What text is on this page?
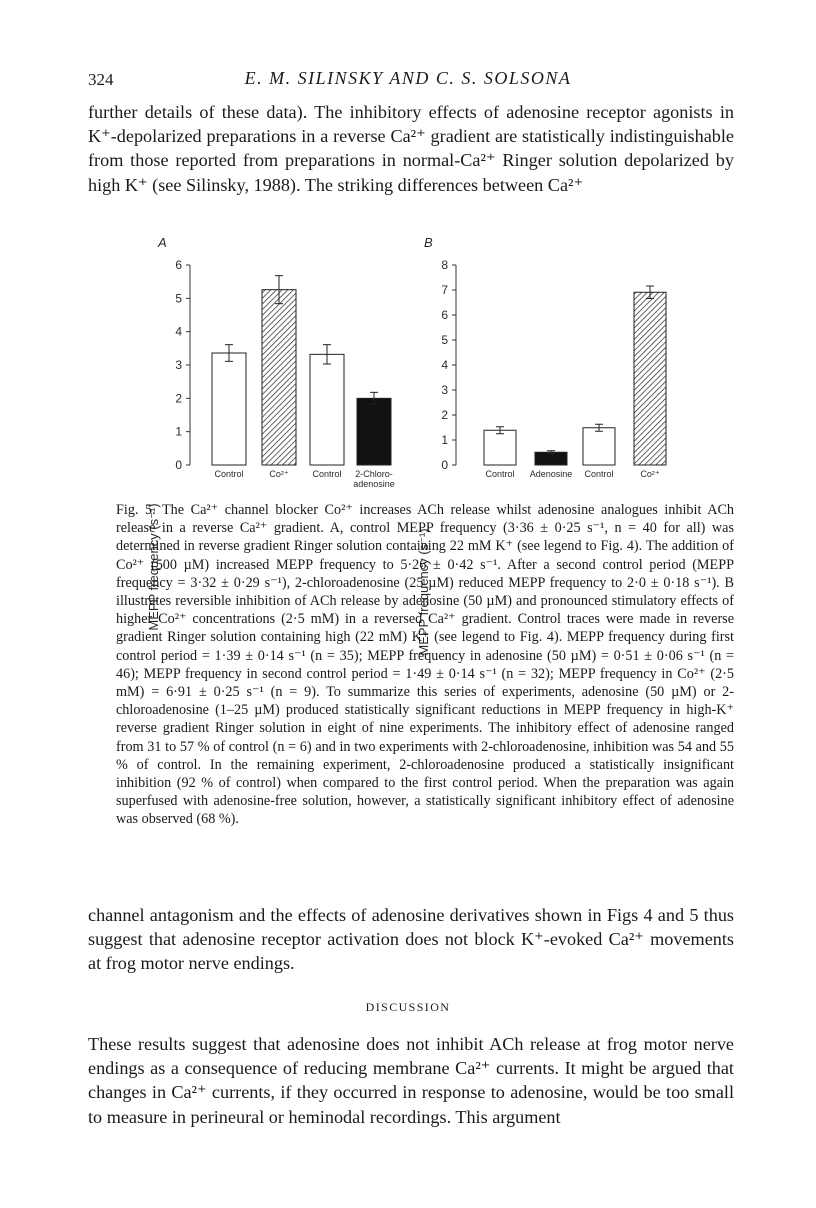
324	E. M. SILINSKY AND C. S. SOLSONA

further details of these data). The inhibitory effects of adenosine receptor agonists in K⁺-depolarized preparations in a reverse Ca²⁺ gradient are statistically indistinguishable from those reported from preparations in normal-Ca²⁺ Ringer solution depolarized by high K⁺ (see Silinsky, 1988). The striking differences between Ca²⁺

A	B
MEPP frequency (s⁻¹)	MEPP frequency (s⁻¹)
0
1
2
3
4
5
6
Control	Co²⁺	Control 2-Chloro-
adenosine
0
1
2
3
4
5
6
7
8
Control Adenosine Control	Co²⁺

Fig. 5. The Ca²⁺ channel blocker Co²⁺ increases ACh release whilst adenosine analogues inhibit ACh release in a reverse Ca²⁺ gradient. A, control MEPP frequency (3·36 ± 0·25 s⁻¹, n = 40 for all) was determined in reverse gradient Ringer solution containing 22 mM K⁺ (see legend to Fig. 4). The addition of Co²⁺ (500 µM) increased MEPP frequency to 5·26 ± 0·42 s⁻¹. After a second control period (MEPP frequency = 3·32 ± 0·29 s⁻¹), 2-chloroadenosine (25 µM) reduced MEPP frequency to 2·0 ± 0·18 s⁻¹). B illustrates reversible inhibition of ACh release by adenosine (50 µM) and pronounced stimulatory effects of higher Co²⁺ concentrations (2·5 mM) in a reversed Ca²⁺ gradient. Control traces were made in reverse gradient Ringer solution containing high (22 mM) K⁺ (see legend to Fig. 4). MEPP frequency during first control period = 1·39 ± 0·14 s⁻¹ (n = 35); MEPP frequency in adenosine (50 µM) = 0·51 ± 0·06 s⁻¹ (n = 46); MEPP frequency in second control period = 1·49 ± 0·14 s⁻¹ (n = 32); MEPP frequency in Co²⁺ (2·5 mM) = 6·91 ± 0·25 s⁻¹ (n = 9). To summarize this series of experiments, adenosine (50 µM) or 2-chloroadenosine (1–25 µM) produced statistically significant reductions in MEPP frequency in high-K⁺ reverse gradient Ringer solution in eight of nine experiments. The inhibitory effect of adenosine ranged from 31 to 57 % of control (n = 6) and in two experiments with 2-chloroadenosine, inhibition was 54 and 55 % of control. In the remaining experiment, 2-chloroadenosine produced a statistically insignificant inhibition (92 % of control) when compared to the first control period. When the preparation was again superfused with adenosine-free solution, however, a statistically significant inhibitory effect of adenosine was observed (68 %).

channel antagonism and the effects of adenosine derivatives shown in Figs 4 and 5 thus suggest that adenosine receptor activation does not block K⁺-evoked Ca²⁺ movements at frog motor nerve endings.

DISCUSSION

These results suggest that adenosine does not inhibit ACh release at frog motor nerve endings as a consequence of reducing membrane Ca²⁺ currents. It might be argued that changes in Ca²⁺ currents, if they occurred in response to adenosine, would be too small to measure in perineural or heminodal recordings. This argument
